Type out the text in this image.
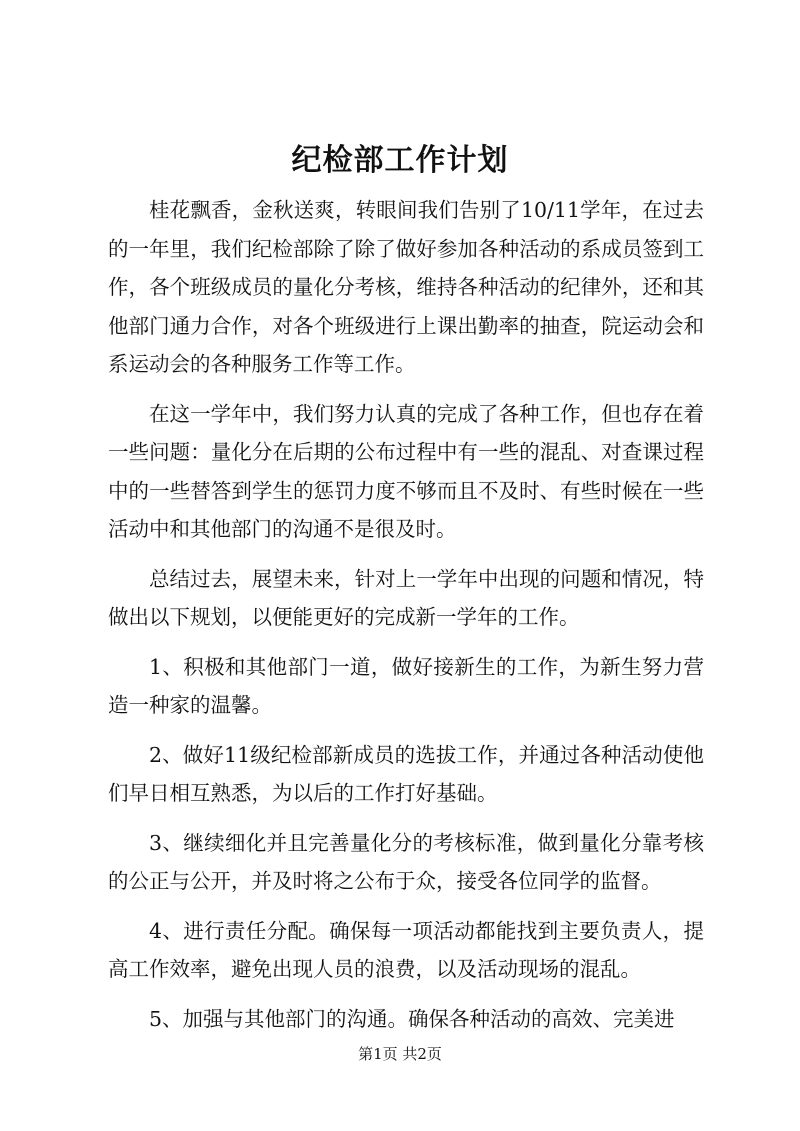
纪检部工作计划

桂花飘香，金秋送爽，转眼间我们告别了10/11学年，在过去的一年里，我们纪检部除了除了做好参加各种活动的系成员签到工作，各个班级成员的量化分考核，维持各种活动的纪律外，还和其他部门通力合作，对各个班级进行上课出勤率的抽查，院运动会和系运动会的各种服务工作等工作。

在这一学年中，我们努力认真的完成了各种工作，但也存在着一些问题：量化分在后期的公布过程中有一些的混乱、对查课过程中的一些替答到学生的惩罚力度不够而且不及时、有些时候在一些活动中和其他部门的沟通不是很及时。

总结过去，展望未来，针对上一学年中出现的问题和情况，特做出以下规划，以便能更好的完成新一学年的工作。

1、积极和其他部门一道，做好接新生的工作，为新生努力营造一种家的温馨。

2、做好11级纪检部新成员的选拔工作，并通过各种活动使他们早日相互熟悉，为以后的工作打好基础。

3、继续细化并且完善量化分的考核标准，做到量化分靠考核的公正与公开，并及时将之公布于众，接受各位同学的监督。

4、进行责任分配。确保每一项活动都能找到主要负责人，提高工作效率，避免出现人员的浪费，以及活动现场的混乱。

5、加强与其他部门的沟通。确保各种活动的高效、完美进

第1页 共2页
